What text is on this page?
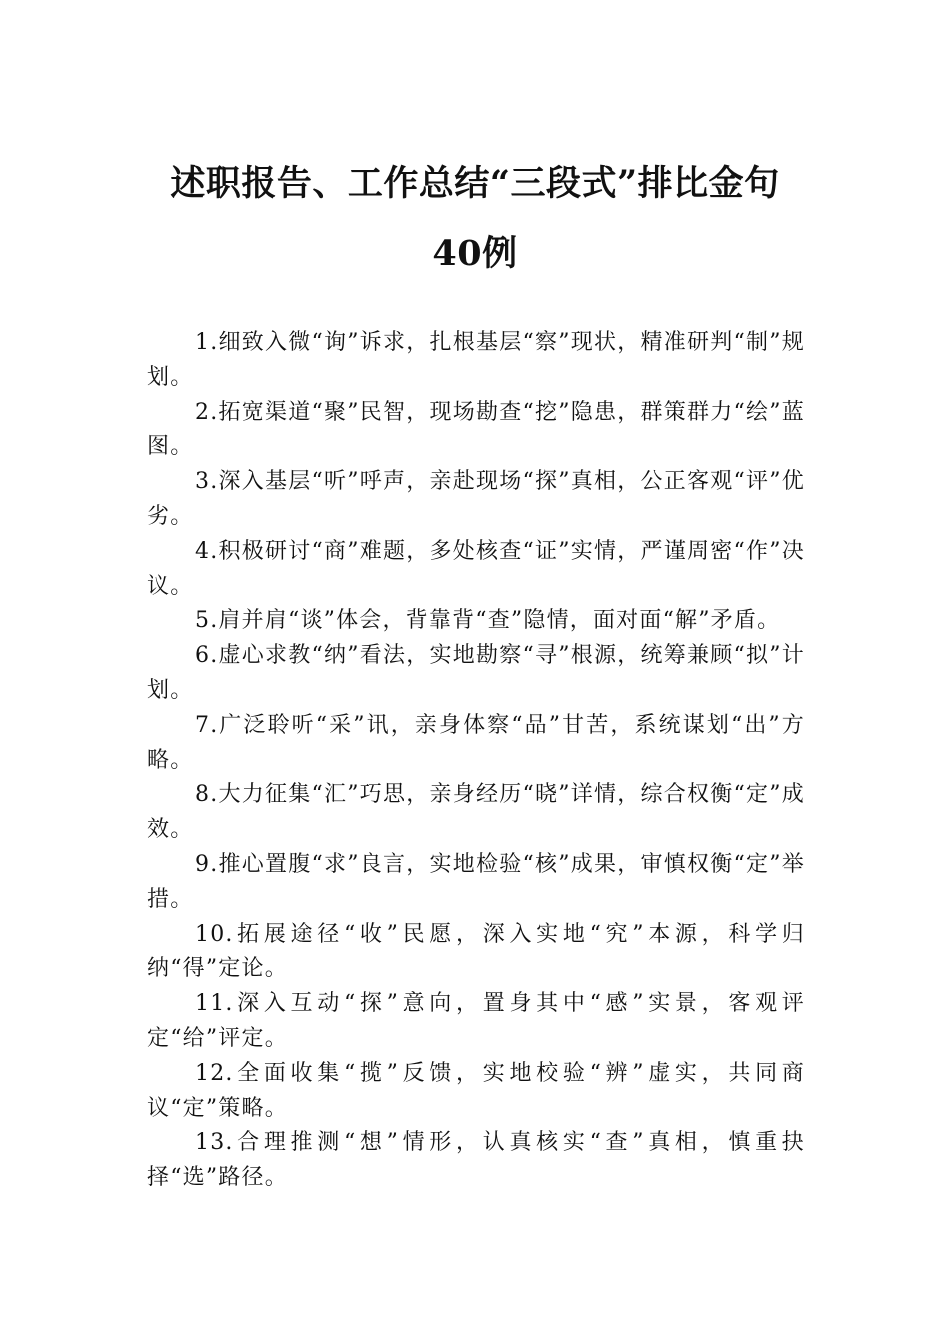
述职报告、工作总结“三段式”排比金句
40例

1.细致入微“询”诉求，扎根基层“察”现状，精准研判“制”规划。

2.拓宽渠道“聚”民智，现场勘查“挖”隐患，群策群力“绘”蓝图。

3.深入基层“听”呼声，亲赴现场“探”真相，公正客观“评”优劣。

4.积极研讨“商”难题，多处核查“证”实情，严谨周密“作”决议。

5.肩并肩“谈”体会，背靠背“查”隐情，面对面“解”矛盾。

6.虚心求教“纳”看法，实地勘察“寻”根源，统筹兼顾“拟”计划。

7.广泛聆听“采”讯，亲身体察“品”甘苦，系统谋划“出”方略。

8.大力征集“汇”巧思，亲身经历“晓”详情，综合权衡“定”成效。

9.推心置腹“求”良言，实地检验“核”成果，审慎权衡“定”举措。

10.拓展途径“收”民愿，深入实地“究”本源，科学归纳“得”定论。

11.深入互动“探”意向，置身其中“感”实景，客观评定“给”评定。

12.全面收集“揽”反馈，实地校验“辨”虚实，共同商议“定”策略。

13.合理推测“想”情形，认真核实“查”真相，慎重抉择“选”路径。
